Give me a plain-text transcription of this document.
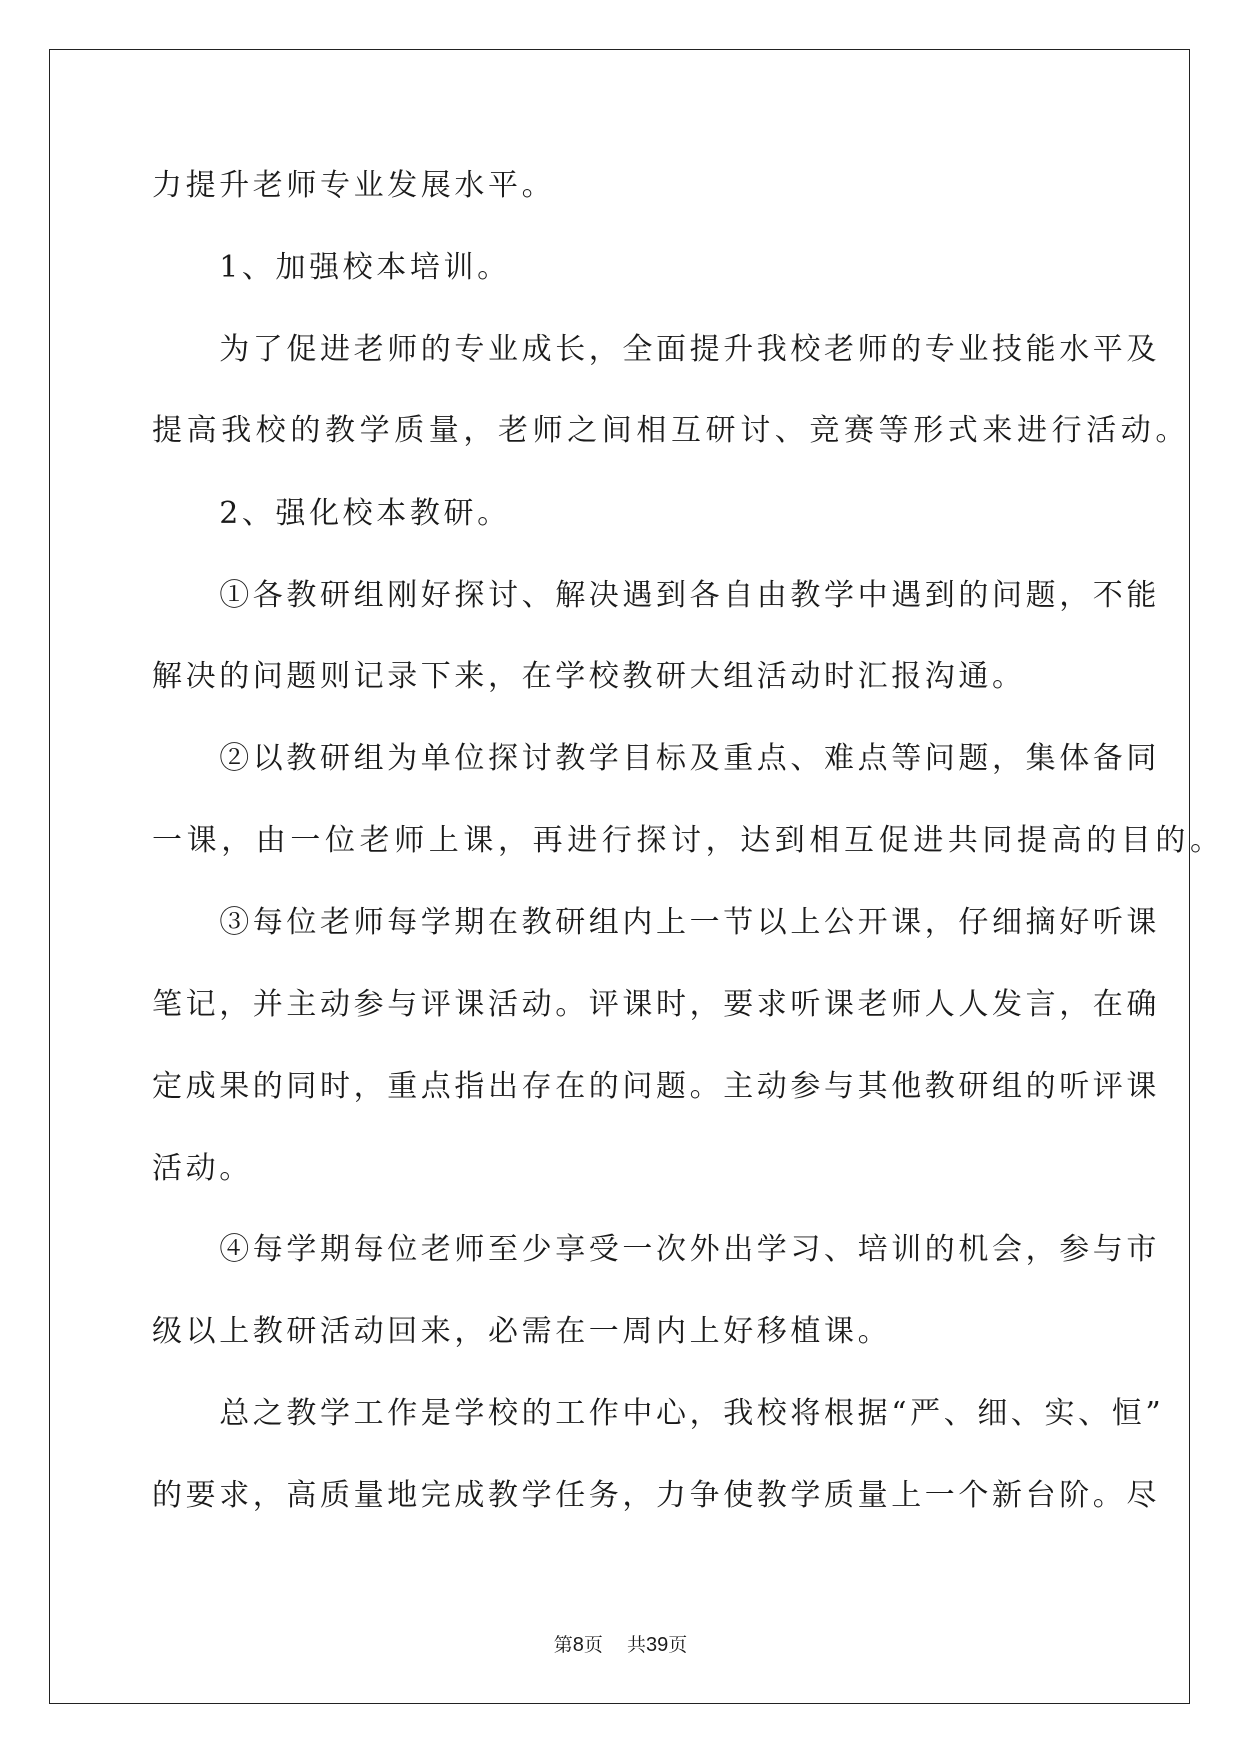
力提升老师专业发展水平。
　　1、加强校本培训。
　　为了促进老师的专业成长，全面提升我校老师的专业技能水平及
提高我校的教学质量，老师之间相互研讨、竞赛等形式来进行活动。
　　2、强化校本教研。
　　①各教研组刚好探讨、解决遇到各自由教学中遇到的问题，不能
解决的问题则记录下来，在学校教研大组活动时汇报沟通。
　　②以教研组为单位探讨教学目标及重点、难点等问题，集体备同
一课，由一位老师上课，再进行探讨，达到相互促进共同提高的目的。
　　③每位老师每学期在教研组内上一节以上公开课，仔细摘好听课
笔记，并主动参与评课活动。评课时，要求听课老师人人发言，在确
定成果的同时，重点指出存在的问题。主动参与其他教研组的听评课
活动。
　　④每学期每位老师至少享受一次外出学习、培训的机会，参与市
级以上教研活动回来，必需在一周内上好移植课。
　　总之教学工作是学校的工作中心，我校将根据“严、细、实、恒”
的要求，高质量地完成教学任务，力争使教学质量上一个新台阶。尽
第8页 共39页
